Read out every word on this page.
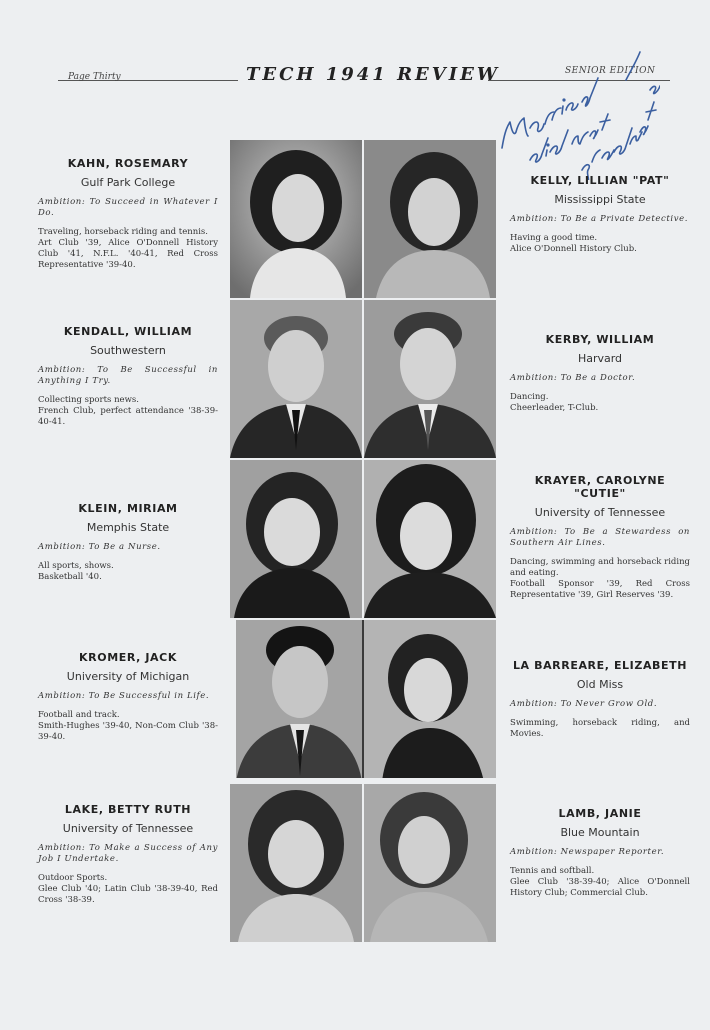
Page Thirty	TECH 1941 REVIEW	SENIOR EDITION
KAHN, ROSEMARY
Gulf Park College
Ambition: To Succeed in Whatever I Do.
Traveling, horseback riding and tennis.
Art Club '39, Alice O'Donnell History Club '41, N.F.L. '40-41, Red Cross Representative '39-40.
KENDALL, WILLIAM
Southwestern
Ambition: To Be Successful in Anything I Try.
Collecting sports news.
French Club, perfect attendance '38-39-40-41.
KLEIN, MIRIAM
Memphis State
Ambition: To Be a Nurse.
All sports, shows.
Basketball '40.
KROMER, JACK
University of Michigan
Ambition: To Be Successful in Life.
Football and track.
Smith-Hughes '39-40, Non-Com Club '38-39-40.
LAKE, BETTY RUTH
University of Tennessee
Ambition: To Make a Success of Any Job I Undertake.
Outdoor Sports.
Glee Club '40; Latin Club '38-39-40, Red Cross '38-39.
KELLY, LILLIAN "PAT"
Mississippi State
Ambition: To Be a Private Detective.
Having a good time.
Alice O'Donnell History Club.
KERBY, WILLIAM
Harvard
Ambition: To Be a Doctor.
Dancing.
Cheerleader, T-Club.
KRAYER, CAROLYNE "CUTIE"
University of Tennessee
Ambition: To Be a Stewardess on Southern Air Lines.
Dancing, swimming and horseback riding and eating.
Football Sponsor '39, Red Cross Representative '39, Girl Reserves '39.
LA BARREARE, ELIZABETH
Old Miss
Ambition: To Never Grow Old.
Swimming, horseback riding, and Movies.
LAMB, JANIE
Blue Mountain
Ambition: Newspaper Reporter.
Tennis and softball.
Glee Club '38-39-40; Alice O'Donnell History Club; Commercial Club.
